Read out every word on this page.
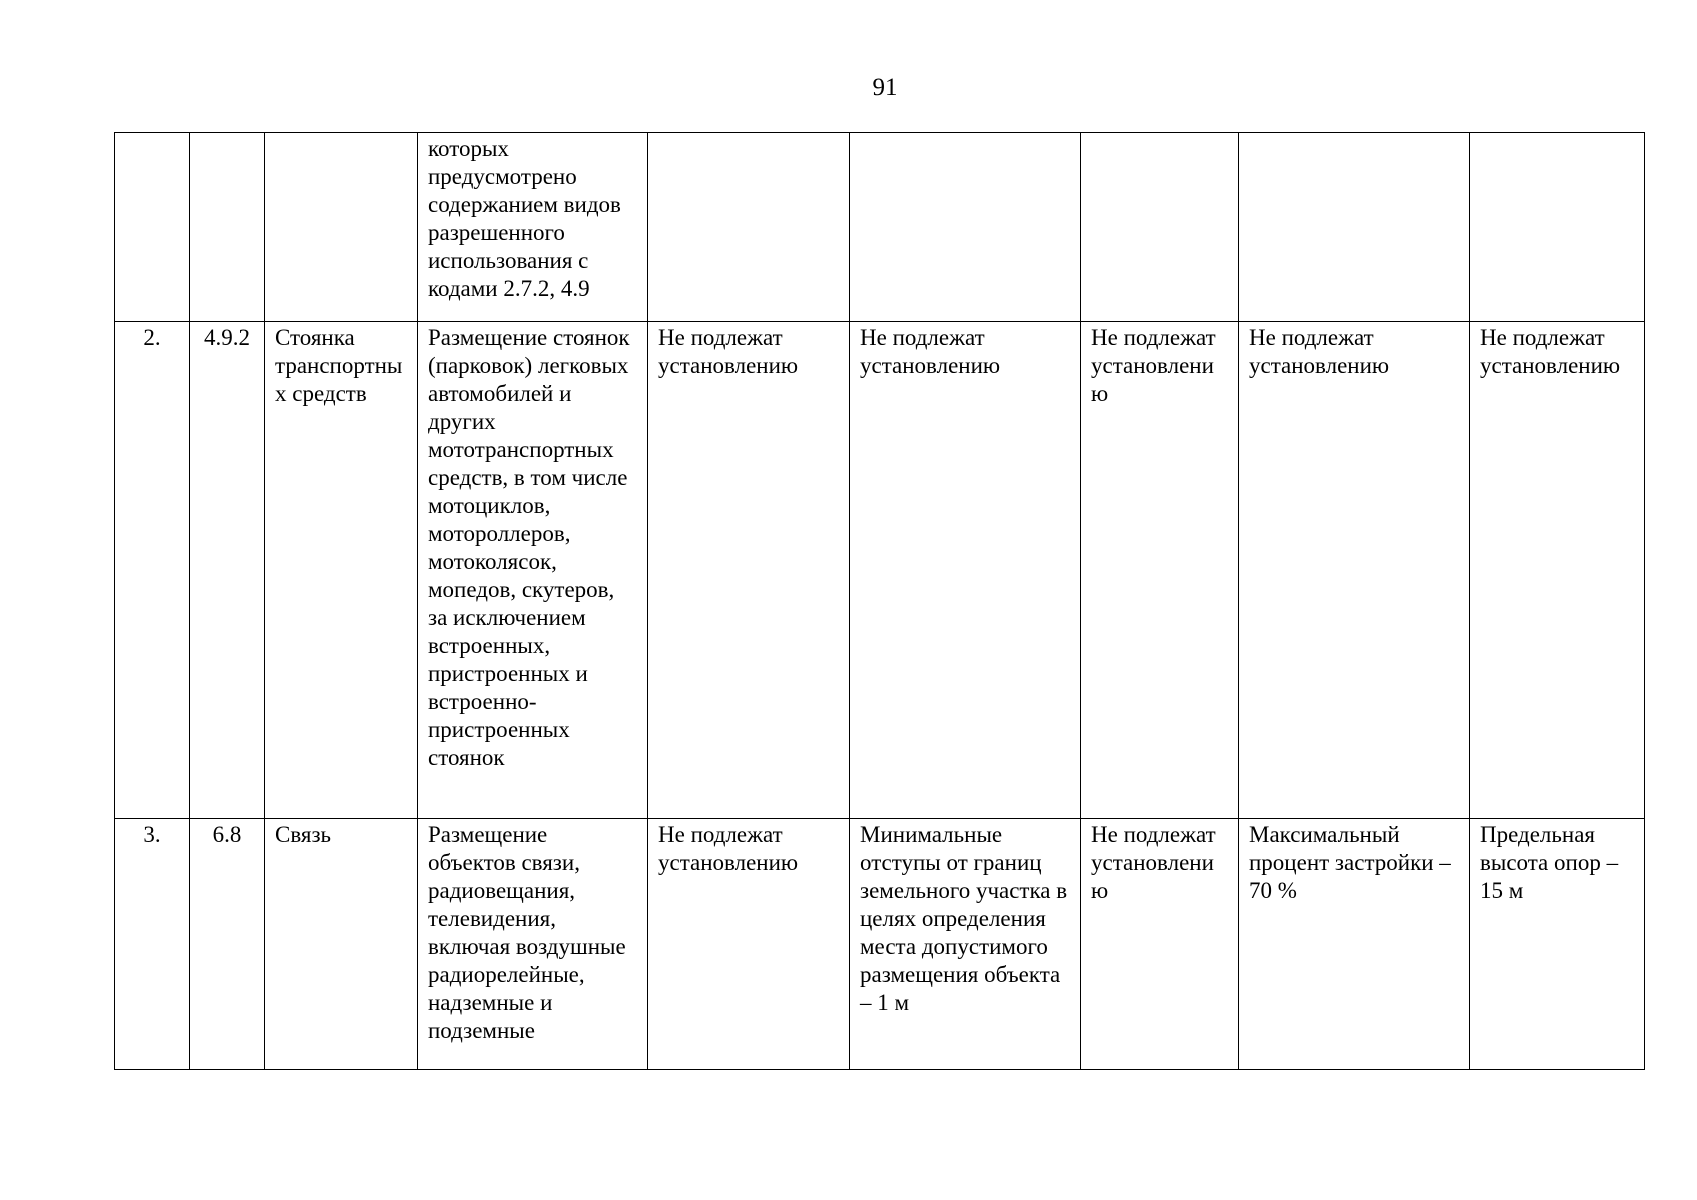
91
			которых предусмотрено содержанием видов разрешенного использования с кодами 2.7.2, 4.9					
2.	4.9.2	Стоянка транспортных средств	Размещение стоянок (парковок) легковых автомобилей и других мототранспортных средств, в том числе мотоциклов, мотороллеров, мотоколясок, мопедов, скутеров, за исключением встроенных, пристроенных и встроенно-пристроенных стоянок	Не подлежат установлению	Не подлежат установлению	Не подлежат установлению	Не подлежат установлению	Не подлежат установлению
3.	6.8	Связь	Размещение объектов связи, радиовещания, телевидения, включая воздушные радиорелейные, надземные и подземные	Не подлежат установлению	Минимальные отступы от границ земельного участка в целях определения места допустимого размещения объекта – 1 м	Не подлежат установлению	Максимальный процент застройки – 70 %	Предельная высота опор – 15 м
